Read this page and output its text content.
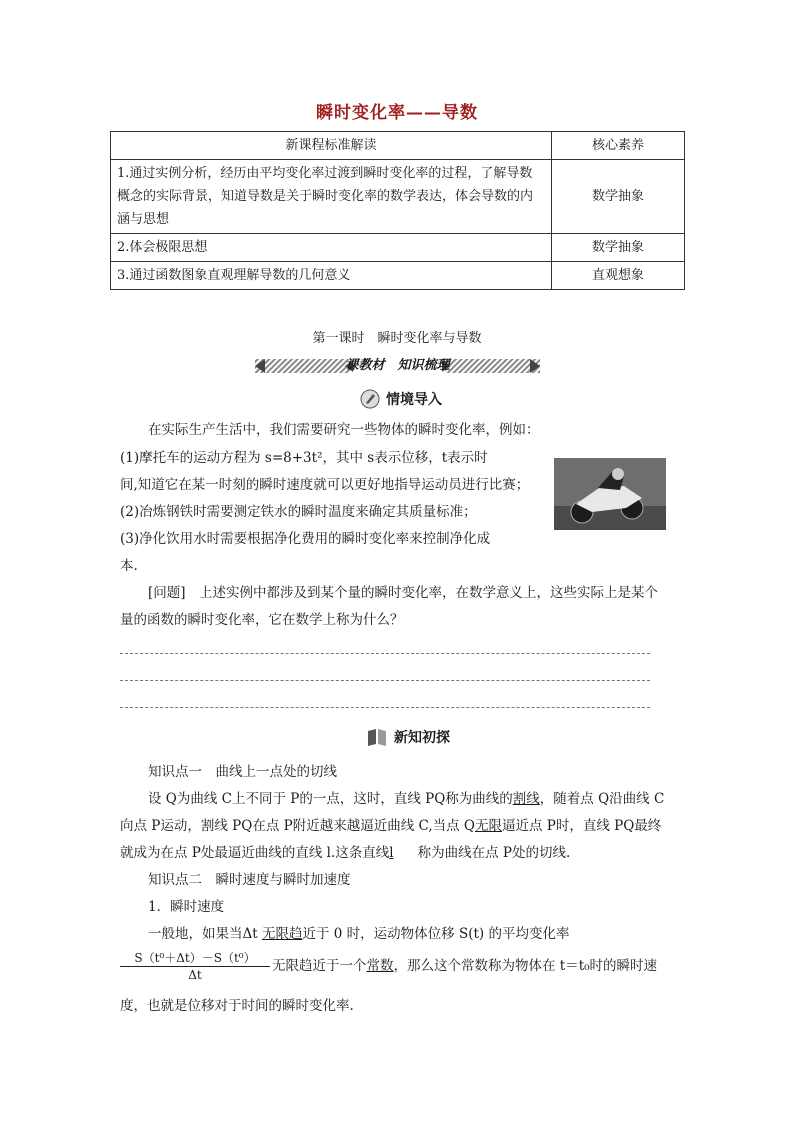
瞬时变化率——导数
新课程标准解读	核心素养
1.通过实例分析，经历由平均变化率过渡到瞬时变化率的过程，了解导数概念的实际背景，知道导数是关于瞬时变化率的数学表达，体会导数的内涵与思想	数学抽象
2.体会极限思想	数学抽象
3.通过函数图象直观理解导数的几何意义	直观想象
第一课时　瞬时变化率与导数
课教材　知识梳理
情境导入
在实际生产生活中，我们需要研究一些物体的瞬时变化率，例如：
(1)摩托车的运动方程为 s=8+3t²，其中 s表示位移，t表示时
间,知道它在某一时刻的瞬时速度就可以更好地指导运动员进行比赛；
(2)冶炼钢铁时需要测定铁水的瞬时温度来确定其质量标准；
(3)净化饮用水时需要根据净化费用的瞬时变化率来控制净化成
本.
[问题]　上述实例中都涉及到某个量的瞬时变化率，在数学意义上，这些实际上是某个
量的函数的瞬时变化率，它在数学上称为什么？
新知初探
知识点一　曲线上一点处的切线
设 Q为曲线 C上不同于 P的一点，这时，直线 PQ称为曲线的割线，随着点 Q沿曲线 C
向点 P运动，割线 PQ在点 P附近越来越逼近曲线 C,当点 Q无限逼近点 P时，直线 PQ最终
就成为在点 P处最逼近曲线的直线 l.这条直线l 称为曲线在点 P处的切线.
知识点二　瞬时速度与瞬时加速度
1．瞬时速度
一般地，如果当Δt 无限趋近于 0 时，运动物体位移 S(t) 的平均变化率
$\frac{\text{S（t⁰＋Δt）－S（t⁰）}}{\Delta t}$ 无限趋近于一个常数，那么这个常数称为物体在 t＝t₀时的瞬时速
度，也就是位移对于时间的瞬时变化率.
